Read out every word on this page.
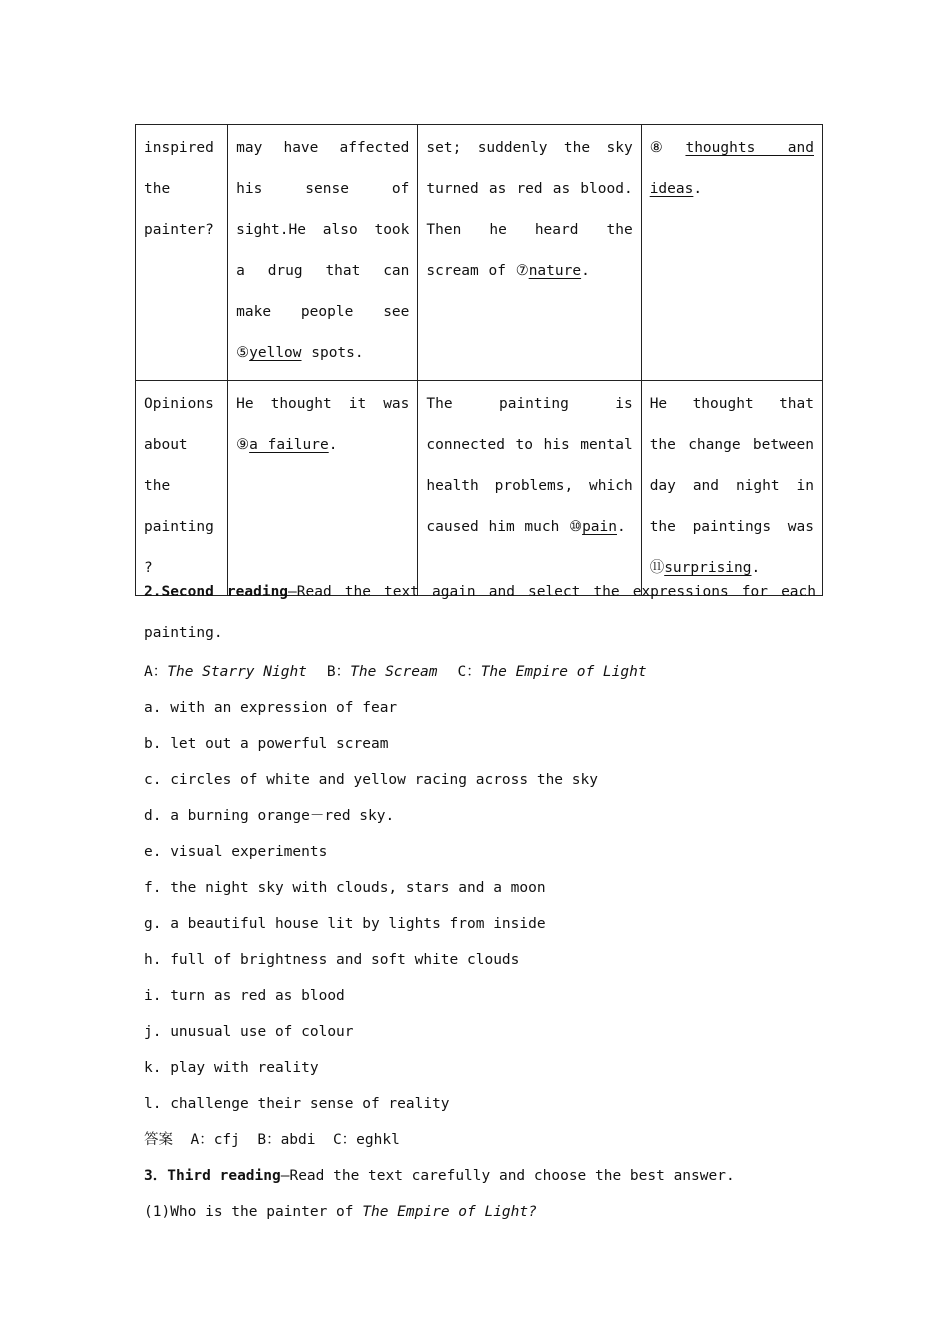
inspired the painter?	may have affected his sense of sight.He also took a drug that can make people see ⑤yellow spots.	set; suddenly the sky turned as red as blood. Then he heard the scream of ⑦nature.	⑧thoughts and ideas.
Opinions about the painting ?	He thought it was ⑨a failure.	The painting is connected to his mental health problems, which caused him much ⑩pain.	He thought that the change between day and night in the paintings was ⑪surprising.
2.Second reading—Read the text again and select the expressions for each painting.
A：The Starry Night B：The Scream C：The Empire of Light
a. with an expression of fear
b. let out a powerful scream
c. circles of white and yellow racing across the sky
d. a burning orange－red sky.
e. visual experiments
f. the night sky with clouds, stars and a moon
g. a beautiful house lit by lights from inside
h. full of brightness and soft white clouds
i. turn as red as blood
j. unusual use of colour
k. play with reality
l. challenge their sense of reality
答案 A：cfj  B：abdi  C：eghkl
3．Third reading—Read the text carefully and choose the best answer.
(1)Who is the painter of The Empire of Light?
